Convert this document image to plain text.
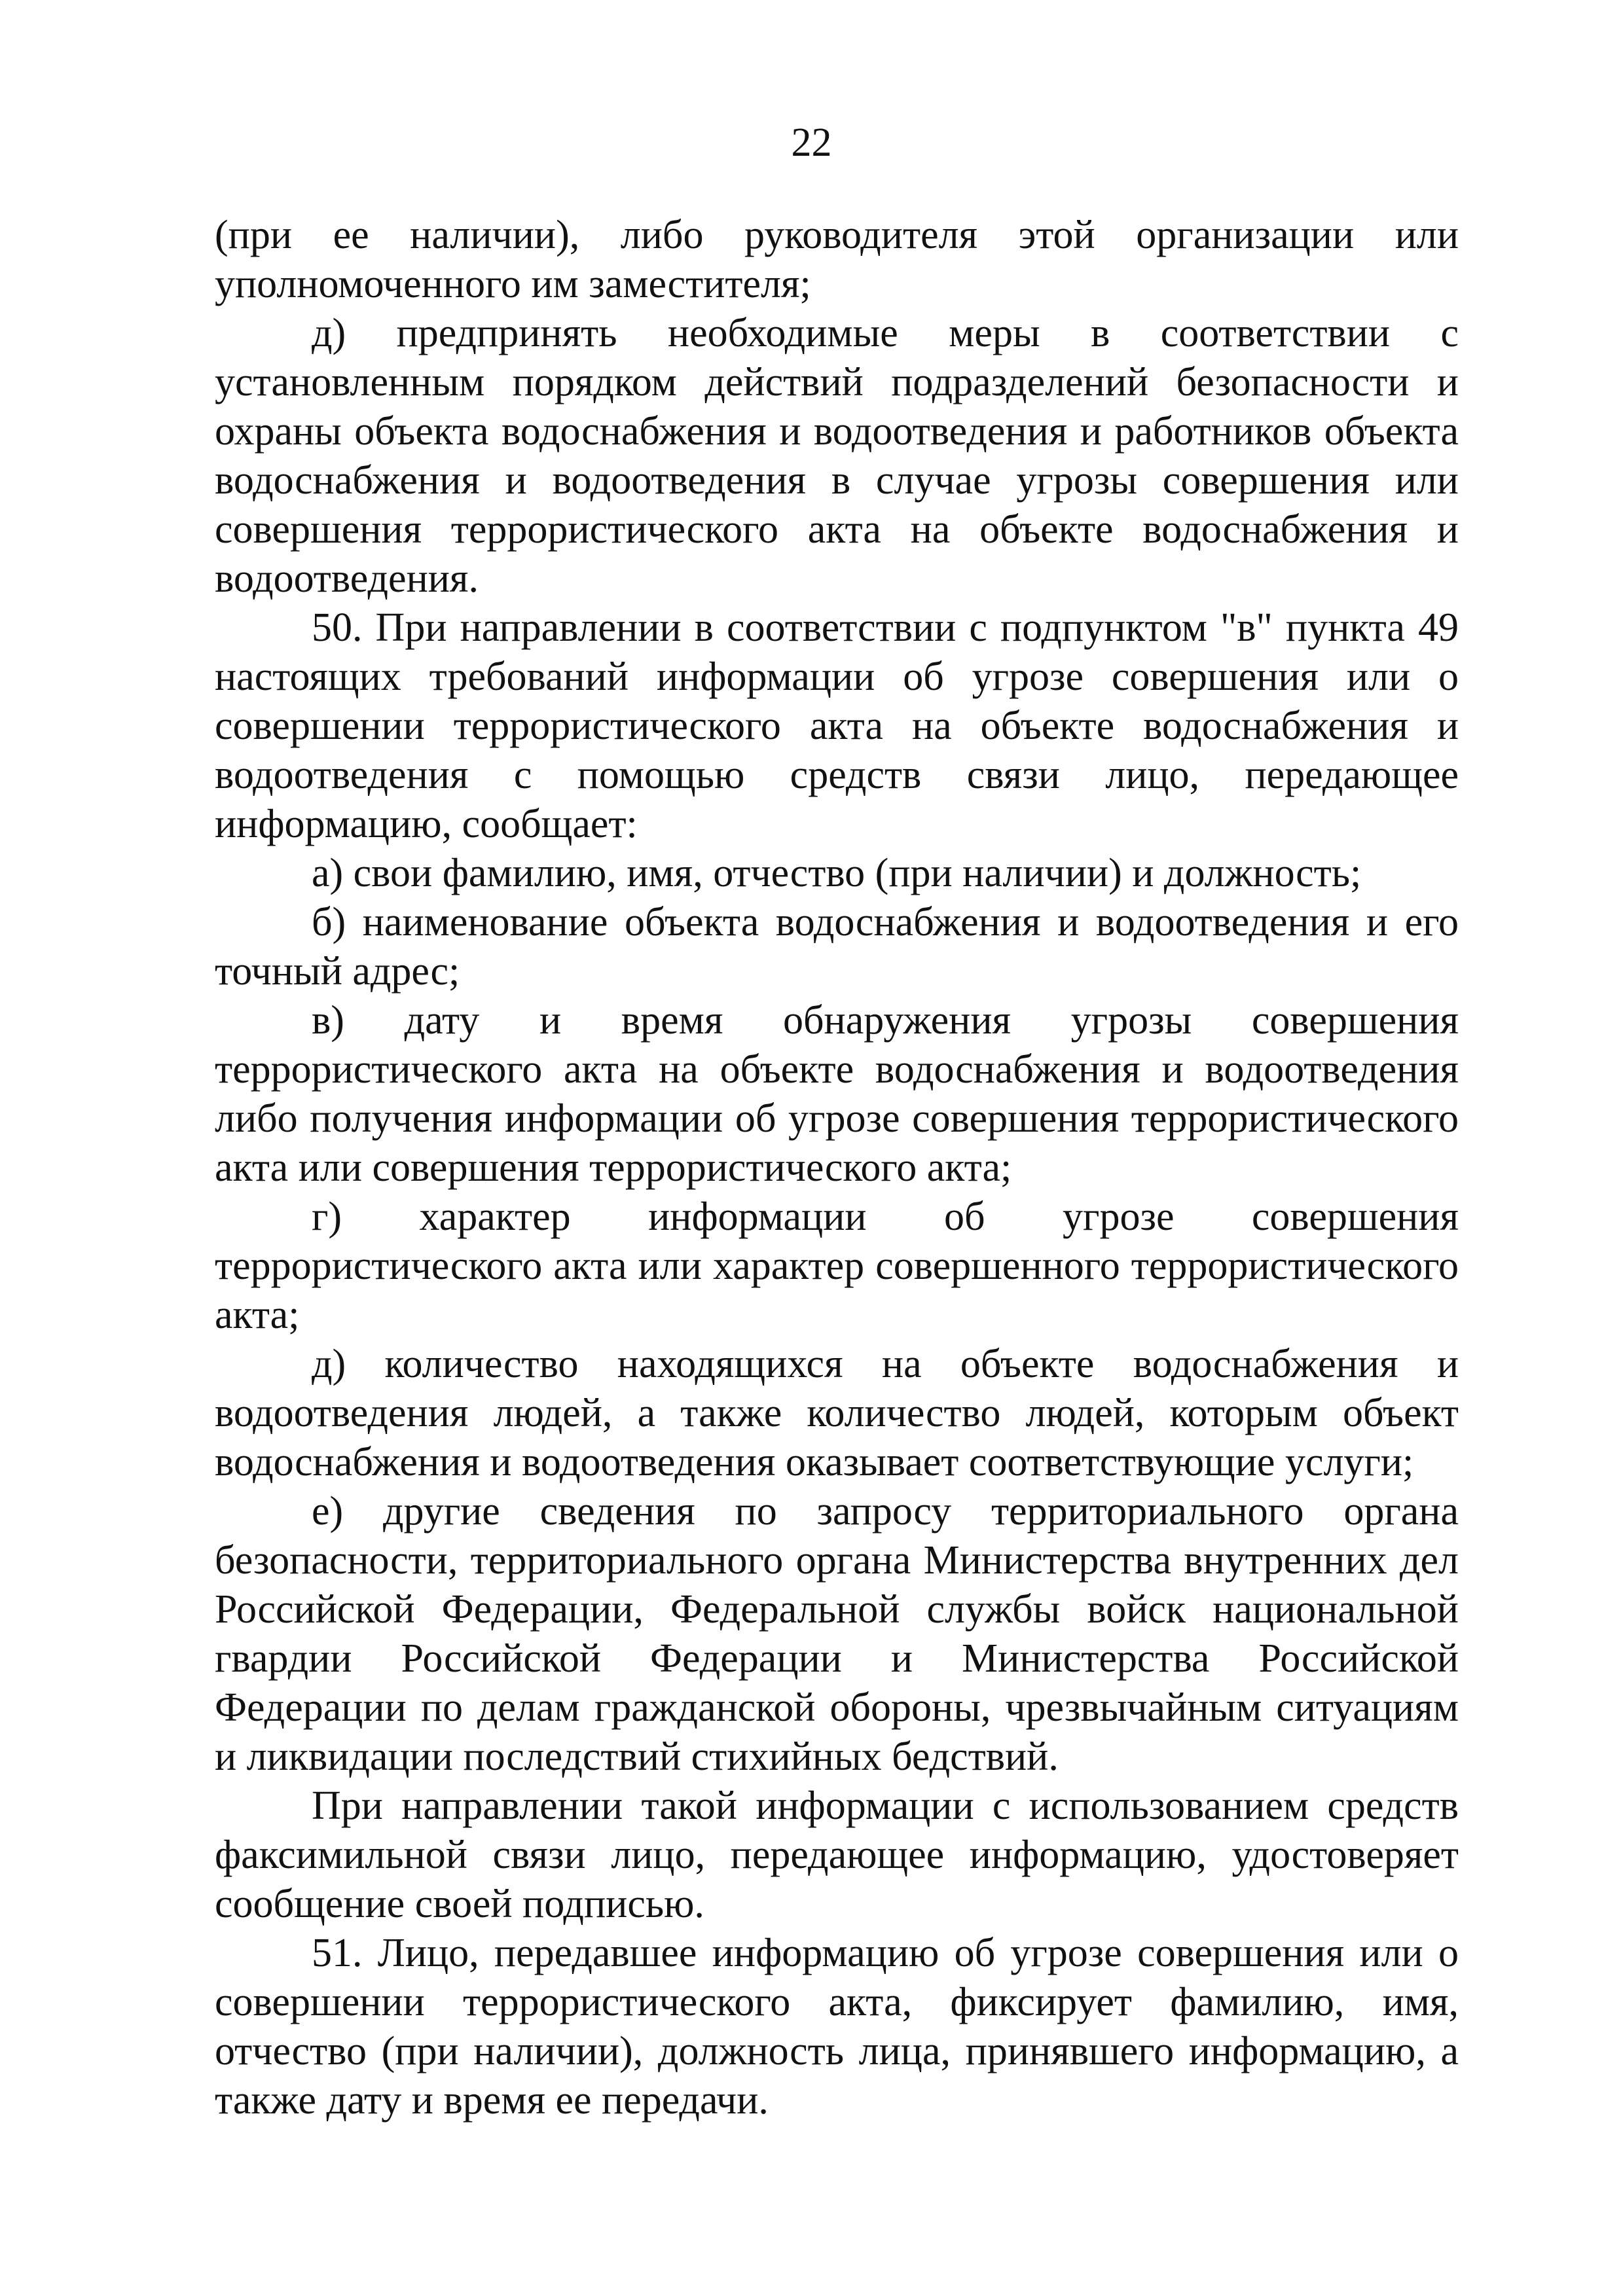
22

(при ее наличии), либо руководителя этой организации или уполномоченного им заместителя;

д) предпринять необходимые меры в соответствии с установленным порядком действий подразделений безопасности и охраны объекта водоснабжения и водоотведения и работников объекта водоснабжения и водоотведения в случае угрозы совершения или совершения террористического акта на объекте водоснабжения и водоотведения.

50. При направлении в соответствии с подпунктом "в" пункта 49 настоящих требований информации об угрозе совершения или о совершении террористического акта на объекте водоснабжения и водоотведения с помощью средств связи лицо, передающее информацию, сообщает:

а) свои фамилию, имя, отчество (при наличии) и должность;

б) наименование объекта водоснабжения и водоотведения и его точный адрес;

в) дату и время обнаружения угрозы совершения террористического акта на объекте водоснабжения и водоотведения либо получения информации об угрозе совершения террористического акта или совершения террористического акта;

г) характер информации об угрозе совершения террористического акта или характер совершенного террористического акта;

д) количество находящихся на объекте водоснабжения и водоотведения людей, а также количество людей, которым объект водоснабжения и водоотведения оказывает соответствующие услуги;

е) другие сведения по запросу территориального органа безопасности, территориального органа Министерства внутренних дел Российской Федерации, Федеральной службы войск национальной гвардии Российской Федерации и Министерства Российской Федерации по делам гражданской обороны, чрезвычайным ситуациям и ликвидации последствий стихийных бедствий.

При направлении такой информации с использованием средств факсимильной связи лицо, передающее информацию, удостоверяет сообщение своей подписью.

51. Лицо, передавшее информацию об угрозе совершения или о совершении террористического акта, фиксирует фамилию, имя, отчество (при наличии), должность лица, принявшего информацию, а также дату и время ее передачи.
